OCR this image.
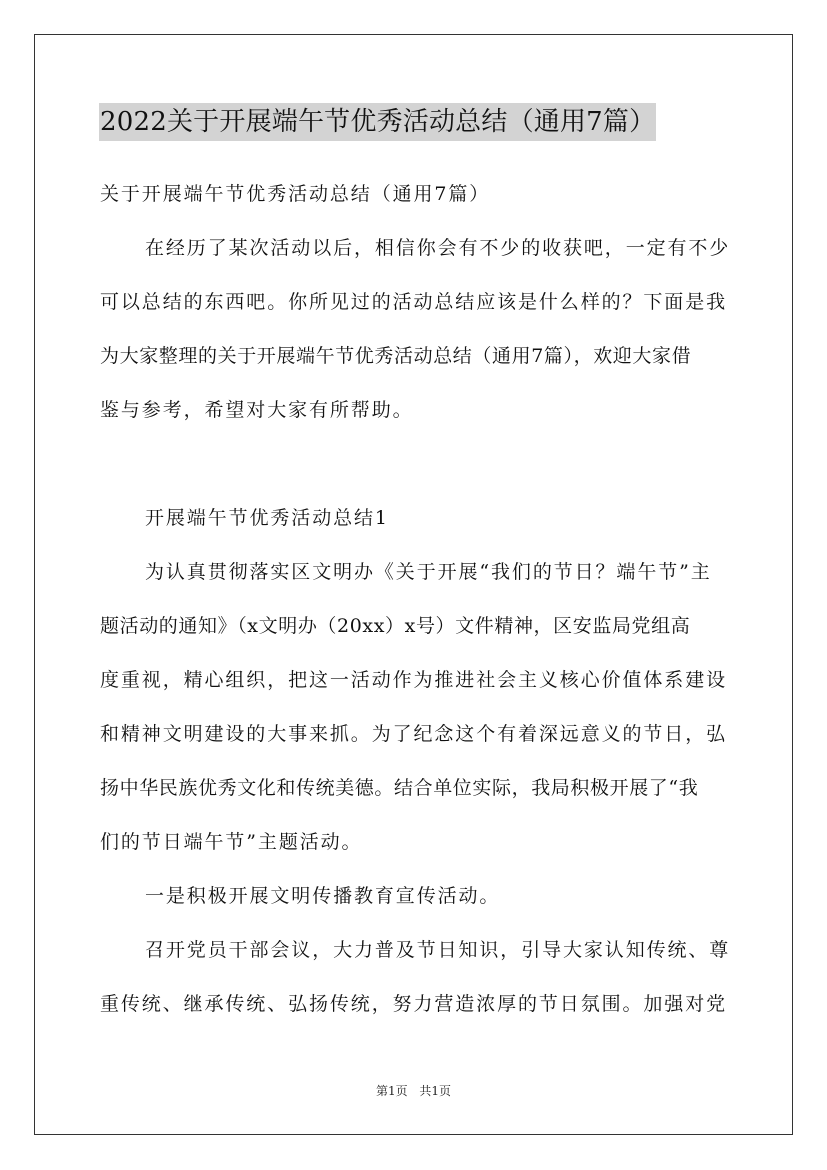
2022关于开展端午节优秀活动总结（通用7篇）
关于开展端午节优秀活动总结（通用7篇）
在经历了某次活动以后，相信你会有不少的收获吧，一定有不少
可以总结的东西吧。你所见过的活动总结应该是什么样的？下面是我
为大家整理的关于开展端午节优秀活动总结（通用7篇），欢迎大家借
鉴与参考，希望对大家有所帮助。
开展端午节优秀活动总结1
为认真贯彻落实区文明办《关于开展“我们的节日？端午节”主
题活动的通知》（x文明办（20xx）x号）文件精神，区安监局党组高
度重视，精心组织，把这一活动作为推进社会主义核心价值体系建设
和精神文明建设的大事来抓。为了纪念这个有着深远意义的节日，弘
扬中华民族优秀文化和传统美德。结合单位实际，我局积极开展了“我
们的节日端午节”主题活动。
一是积极开展文明传播教育宣传活动。
召开党员干部会议，大力普及节日知识，引导大家认知传统、尊
重传统、继承传统、弘扬传统，努力营造浓厚的节日氛围。加强对党
第1页 共1页
